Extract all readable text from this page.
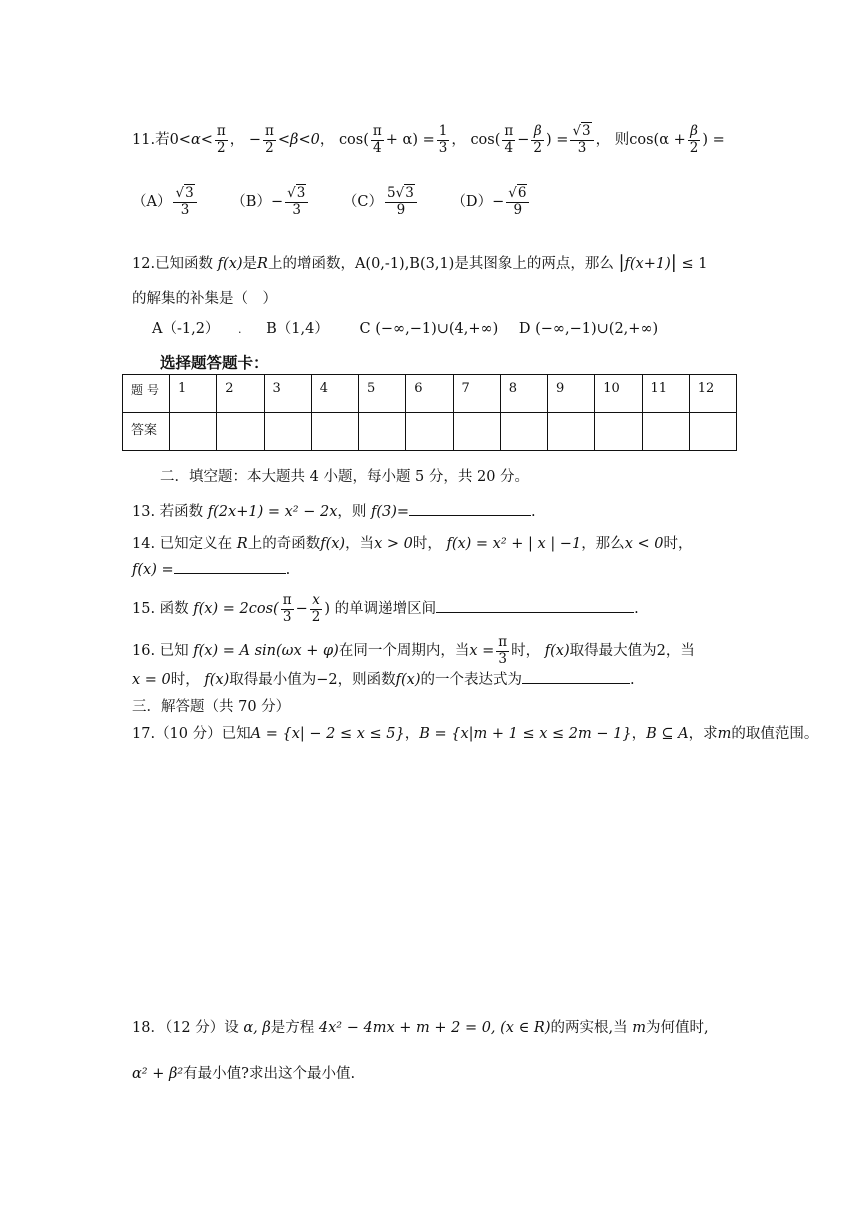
11.若$0<\alpha< \frac{\pi}{2}$ ， − $\frac{\pi}{2} <\beta<0$， $\cos( \frac{\pi}{4} + \alpha) = \frac{1}{3}$ ， $\cos( \frac{\pi}{4} - \frac{\beta}{2}$ ) = $\frac{√3}{3}$ ， 则$\cos(\alpha + \frac{\beta}{2}$ ) =
$(A) \frac{√3}{3} (B)- \frac{√3}{3} (C) \frac{5√3}{9} (D)- \frac{√6}{9}$
12.已知函数 f(x)是R上的增函数，A(0,-1),B(3,1)是其图象上的两点，那么 |f(x+1)| ≤ 1
的解集的补集是（　）
A（-1,2） . B（1,4） C (−∞,−1)∪(4,+∞) D (−∞,−1)∪(2,+∞)
选择题答题卡：
题号	1	2	3	4	5	6	7	8	9	10	11	12
答案												
二．填空题：本大题共 4 小题，每小题 5 分，共 20 分。
13. 若函数 f(2x+1) = x² − 2x，则 f(3)=	.
14. 已知定义在 R上的奇函数f(x)，当x > 0时， f(x) = x² + | x | −1，那么x < 0时，
f(x) =	.
15. 函数 $f(x) = 2\cos( \frac{\pi}{3} - \frac{x}{2}$ ) 的单调递增区间	.
16. 已知 f(x) = A sin(ωx + φ)在同一个周期内，当$x = \frac{\pi}{3}$ 时， f(x)取得最大值为2，当
x = 0时， f(x)取得最小值为−2，则函数f(x)的一个表达式为	.
三．解答题（共 70 分）
17.（10 分）已知A = {x| − 2 ≤ x ≤ 5}，B = {x|m + 1 ≤ x ≤ 2m − 1}，B ⊆ A，求m的取值范围。
18．（12 分）设 α, β是方程 4x² − 4mx + m + 2 = 0, (x ∈ R)的两实根,当 m为何值时,
α² + β²有最小值?求出这个最小值.
